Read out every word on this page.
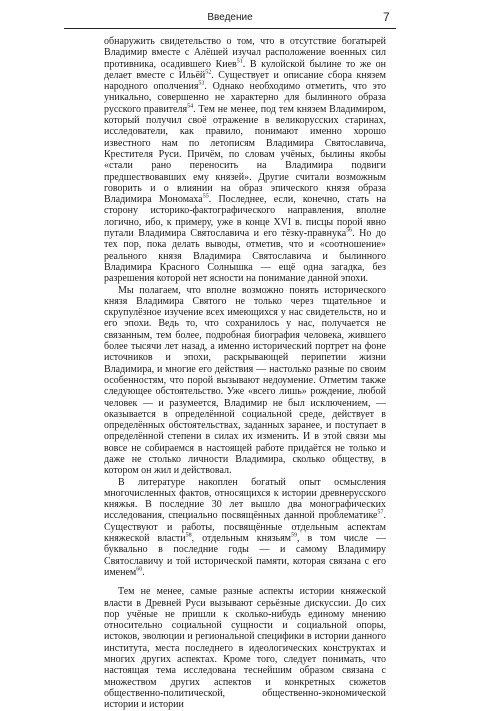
Введение	7

обнаружить свидетельство о том, что в отсутствие богатырей Владимир вместе с Алёшей изучал расположение военных сил противника, осадившего Киев$^{51}$. В кулойской былине то же он делает вместе с Ильёй$^{52}$. Существует и описание сбора князем народного ополчения$^{53}$. Однако необходимо отметить, что это уникально, совершенно не характерно для былинного образа русского правителя$^{54}$. Тем не менее, под тем князем Владимиром, который получил своё отражение в великорусских старинах, исследователи, как правило, понимают именно хорошо известного нам по летописям Владимира Святославича, Крестителя Руси. Причём, по словам учёных, былины якобы «стали рано переносить на Владимира подвиги предшествовавших ему князей». Другие считали возможным говорить и о влиянии на образ эпического князя образа Владимира Мономаха$^{55}$. Последнее, если, конечно, стать на сторону историко-фактографического направления, вполне логично, ибо, к примеру, уже в конце XVI в. писцы порой явно путали Владимира Святославича и его тёзку-правнука$^{56}$. Но до тех пор, пока делать выводы, отметив, что и «соотношение» реального князя Владимира Святославича и былинного Владимира Красного Солнышка — ещё одна загадка, без разрешения которой нет ясности на понимание данной эпохи.

Мы полагаем, что вполне возможно понять исторического князя Владимира Святого не только через тщательное и скрупулёзное изучение всех имеющихся у нас свидетельств, но и его эпохи. Ведь то, что сохранилось у нас, получается не связанным, тем более, подробная биография человека, жившего более тысячи лет назад, а именно исторический портрет на фоне источников и эпохи, раскрывающей перипетии жизни Владимира, и многие его действия — настолько разные по своим особенностям, что порой вызывают недоумение. Отметим также следующее обстоятельство. Уже «всего лишь» рождение, любой человек — и разумеется, Владимир не был исключением, — оказывается в определённой социальной среде, действует в определённых обстоятельствах, заданных заранее, и поступает в определённой степени в силах их изменить. И в этой связи мы вовсе не собираемся в настоящей работе придаётся не только и даже не столько личности Владимира, сколько обществу, в котором он жил и действовал.

В литературе накоплен богатый опыт осмысления многочисленных фактов, относящихся к истории древнерусского княжья. В последние 30 лет вышло два монографических исследования, специально посвящённых данной проблематике$^{57}$. Существуют и работы, посвящённые отдельным аспектам княжеской власти$^{58}$, отдельным князьям$^{59}$, в том числе — буквально в последние годы — и самому Владимиру Святославичу и той исторической памяти, которая связана с его именем$^{60}$.

Тем не менее, самые разные аспекты истории княжеской власти в Древней Руси вызывают серьёзные дискуссии. До сих пор учёные не пришли к сколько-нибудь единому мнению относительно социальной сущности и социальной опоры, истоков, эволюции и региональной специфики в истории данного института, места последнего в идеологических конструктах и многих других аспектах. Кроме того, следует понимать, что настоящая тема исследована теснейшим образом связана с множеством других аспектов и конкретных сюжетов общественно-политической, общественно-экономической истории и истории
